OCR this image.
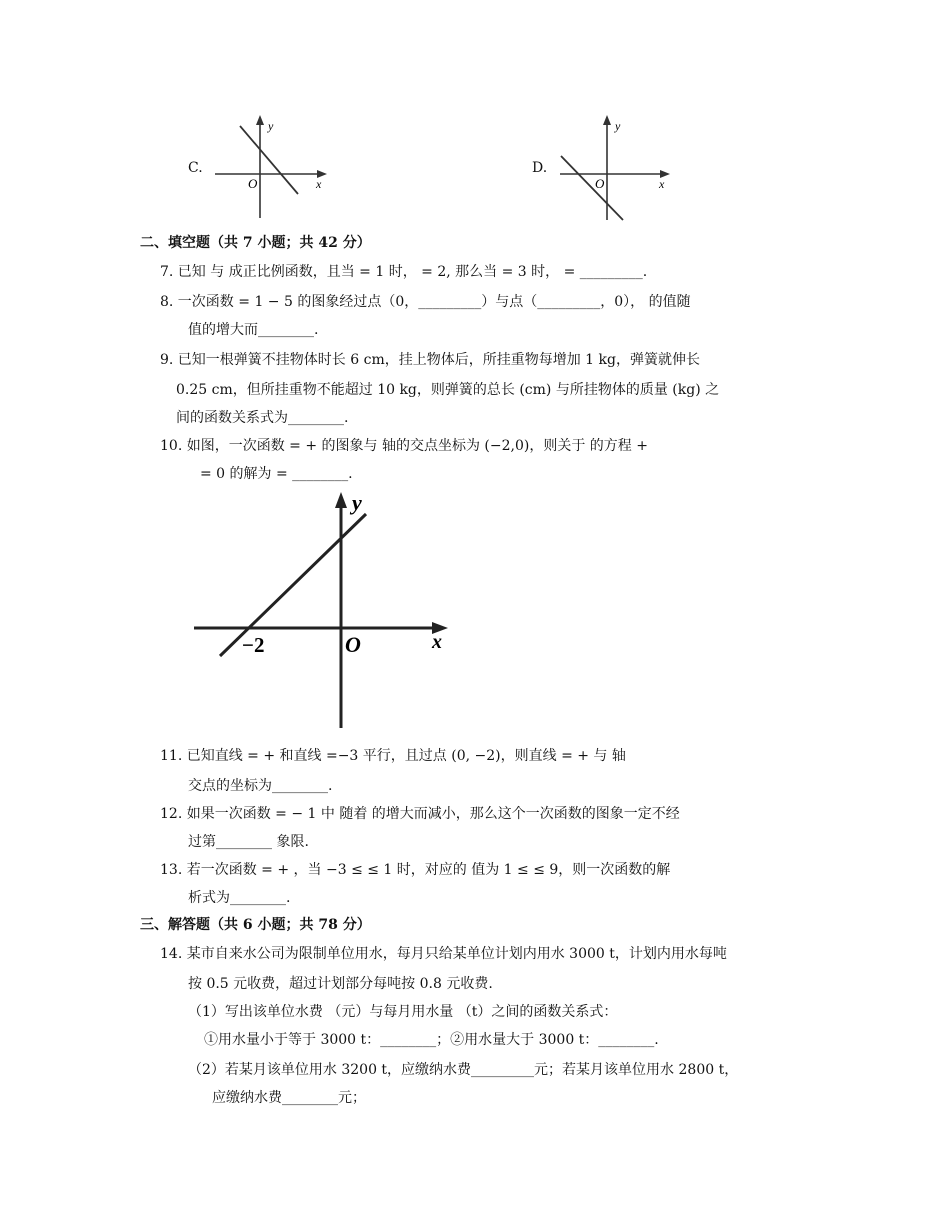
C.
y
x
O
D.
y
x
O
二、填空题（共 7 小题；共 42 分）
7. 已知 与 成正比例函数，且当 = 1 时， = 2, 那么当 = 3 时， = _________.
8. 一次函数 = 1 − 5 的图象经过点（0，_________）与点（_________，0）， 的值随
值的增大而________.
9. 已知一根弹簧不挂物体时长 6 cm，挂上物体后，所挂重物每增加 1 kg，弹簧就伸长
0.25 cm，但所挂重物不能超过 10 kg，则弹簧的总长 (cm) 与所挂物体的质量 (kg) 之
间的函数关系式为________.
10. 如图，一次函数 = + 的图象与 轴的交点坐标为 (−2,0)，则关于 的方程 +
= 0 的解为 = ________.
y
x
O
−2
11. 已知直线 = + 和直线 =−3 平行，且过点 (0, −2)，则直线 = + 与 轴
交点的坐标为________.
12. 如果一次函数 = − 1 中 随着 的增大而减小，那么这个一次函数的图象一定不经
过第________ 象限.
13. 若一次函数 = + ，当 −3 ≤ ≤ 1 时，对应的 值为 1 ≤ ≤ 9，则一次函数的解
析式为________.
三、解答题（共 6 小题；共 78 分）
14. 某市自来水公司为限制单位用水，每月只给某单位计划内用水 3000 t，计划内用水每吨
按 0.5 元收费，超过计划部分每吨按 0.8 元收费.
（1）写出该单位水费 （元）与每月用水量 （t）之间的函数关系式：
①用水量小于等于 3000 t：________；②用水量大于 3000 t：________.
（2）若某月该单位用水 3200 t，应缴纳水费_________元；若某月该单位用水 2800 t，
应缴纳水费________元；
